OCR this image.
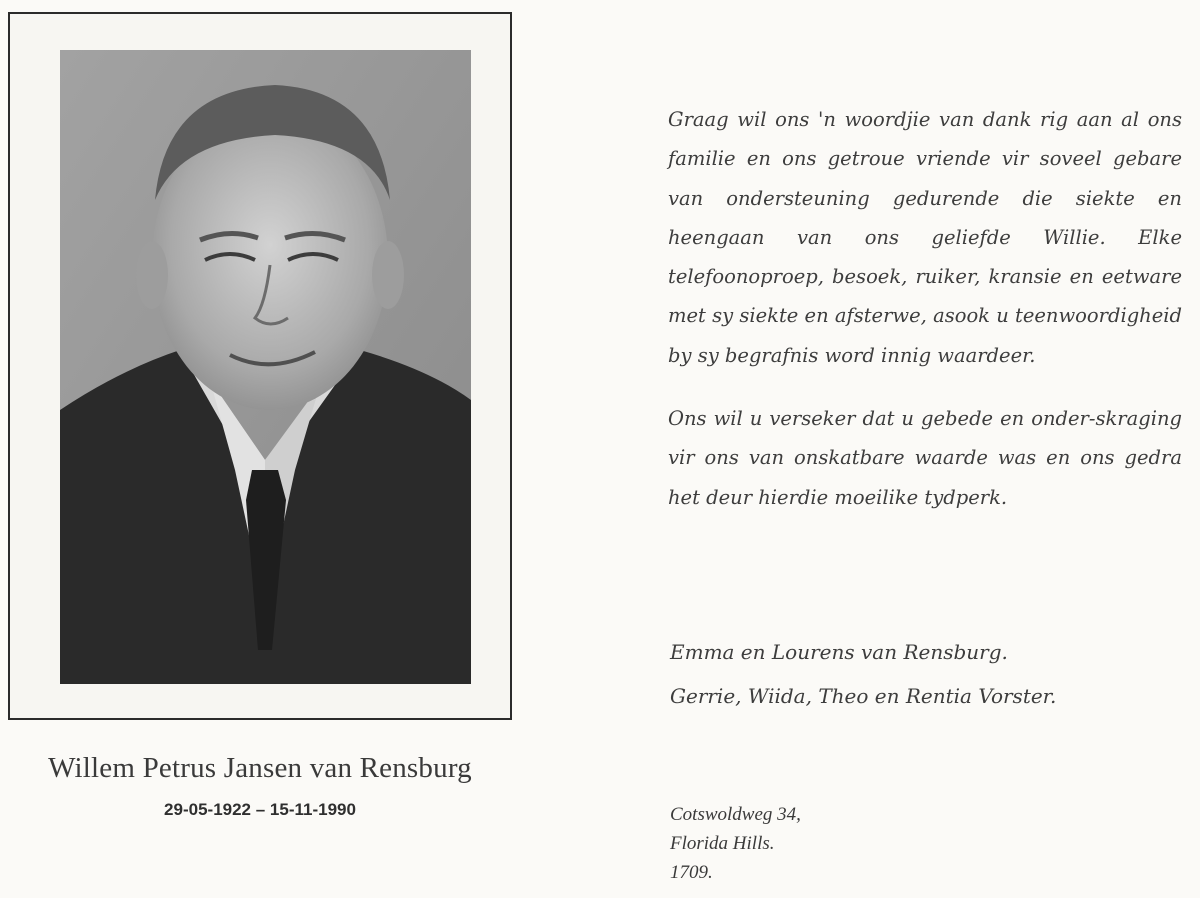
Willem Petrus Jansen van Rensburg
29-05-1922 – 15-11-1990

Graag wil ons 'n woordjie van dank rig aan al ons familie en ons getroue vriende vir soveel gebare van ondersteuning gedurende die siekte en heengaan van ons geliefde Willie. Elke telefoonoproep, besoek, ruiker, kransie en eetware met sy siekte en afsterwe, asook u teenwoordigheid by sy begrafnis word innig waardeer.

Ons wil u verseker dat u gebede en onder-skraging vir ons van onskatbare waarde was en ons gedra het deur hierdie moeilike tydperk.

Emma en Lourens van Rensburg.
Gerrie, Wiida, Theo en Rentia Vorster.
Cotswoldweg 34,
Florida Hills.
1709.
